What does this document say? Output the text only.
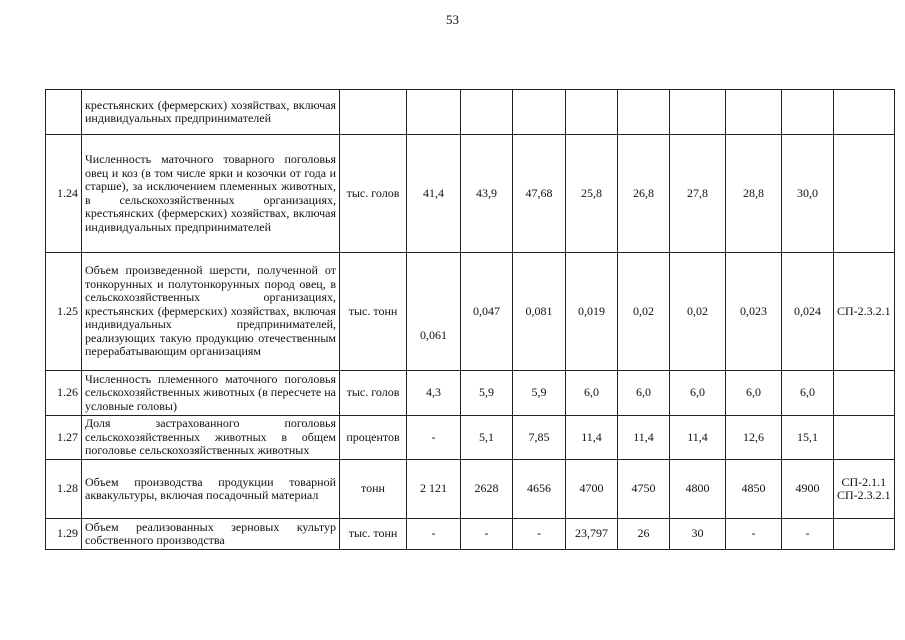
53
	крестьянских (фермерских) хозяйствах, включая индивидуальных предпринимателей										
1.24	Численность маточного товарного поголовья овец и коз (в том числе ярки и козочки от года и старше), за исключением племенных животных, в сельскохозяйственных организациях, крестьянских (фермерских) хозяйствах, включая индивидуальных предпринимателей	тыс. голов	41,4	43,9	47,68	25,8	26,8	27,8	28,8	30,0	
1.25	Объем произведенной шерсти, полученной от тонкорунных и полутонкорунных пород овец, в сельскохозяйственных организациях, крестьянских (фермерских) хозяйствах, включая индивидуальных предпринимателей, реализующих такую продукцию отечественным перерабатывающим организациям	тыс. тонн	0,061	0,047	0,081	0,019	0,02	0,02	0,023	0,024	СП-2.3.2.1
1.26	Численность племенного маточного поголовья сельскохозяйственных животных (в пересчете на условные головы)	тыс. голов	4,3	5,9	5,9	6,0	6,0	6,0	6,0	6,0	
1.27	Доля застрахованного поголовья сельскохозяйственных животных в общем поголовье сельскохозяйственных животных	процентов	-	5,1	7,85	11,4	11,4	11,4	12,6	15,1	
1.28	Объем производства продукции товарной аквакультуры, включая посадочный материал	тонн	2 121	2628	4656	4700	4750	4800	4850	4900	СП-2.1.1 СП-2.3.2.1
1.29	Объем реализованных зерновых культур собственного производства	тыс. тонн	-	-	-	23,797	26	30	-	-	
